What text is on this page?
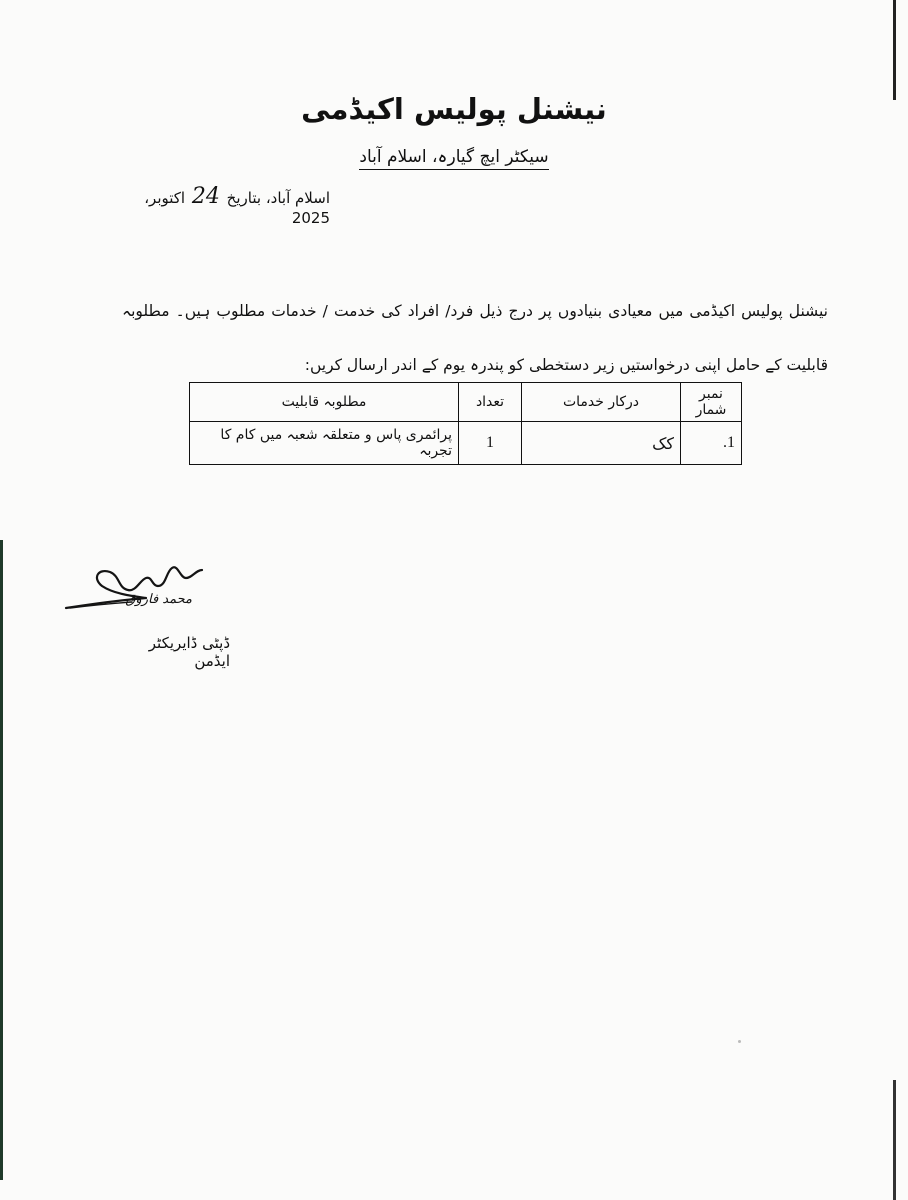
نیشنل پولیس اکیڈمی
سیکٹر ایچ گیارہ، اسلام آباد
اسلام آباد، بتاریخ 24 اکتوبر، 2025
نیشنل پولیس اکیڈمی میں معیادی بنیادوں پر درج ذیل فرد/ افراد کی خدمت / خدمات مطلوب ہیں۔ مطلوبہ قابلیت کے حامل اپنی درخواستیں زیر دستخطی کو پندرہ یوم کے اندر ارسال کریں:
نمبر شمار	درکار خدمات	تعداد	مطلوبہ قابلیت
1.	کک	1	پرائمری پاس و متعلقہ شعبہ میں کام کا تجربہ
محمد فاروق
ڈپٹی ڈایریکٹر ایڈمن
